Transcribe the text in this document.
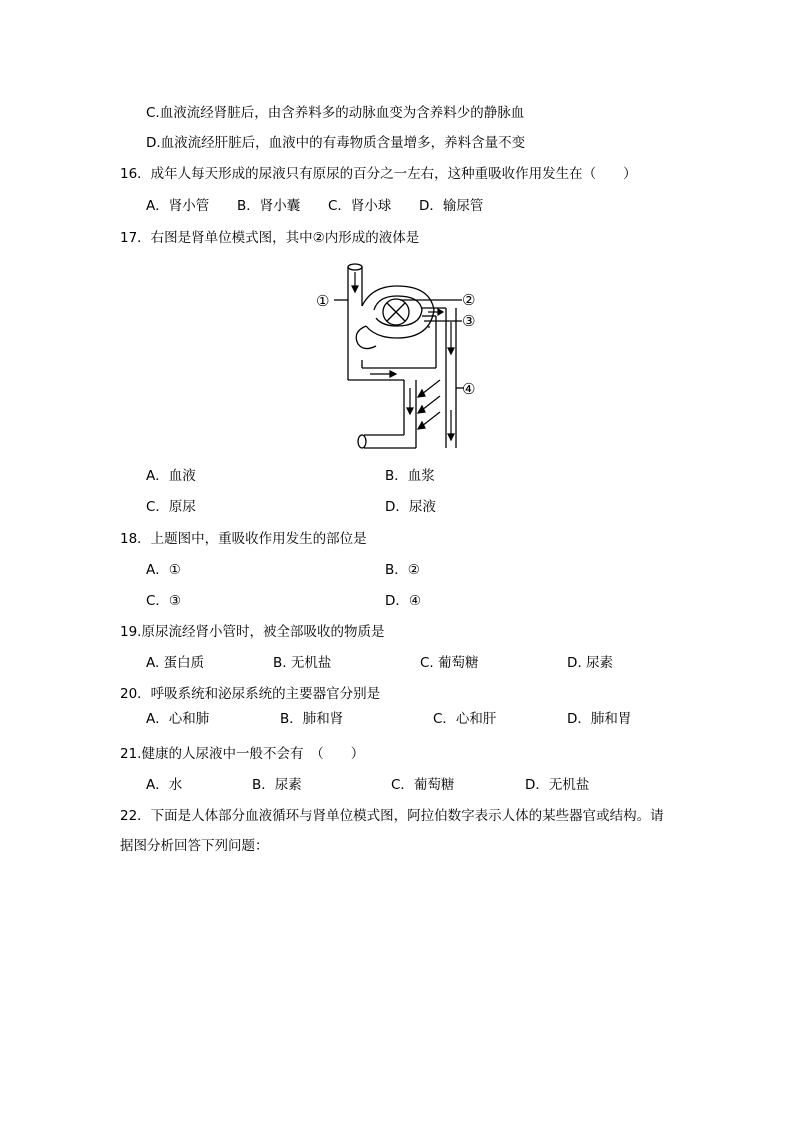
C.血液流经肾脏后，由含养料多的动脉血变为含养料少的静脉血
D.血液流经肝脏后，血液中的有毒物质含量增多，养料含量不变
16．成年人每天形成的尿液只有原尿的百分之一左右，这种重吸收作用发生在（　　）
A．肾小管 B．肾小囊 C．肾小球 D．输尿管
17．右图是肾单位模式图，其中②内形成的液体是
①	②
③
④
A．血液	B．血浆
C．原尿	D．尿液
18．上题图中，重吸收作用发生的部位是
A．①	B．②
C．③	D．④
19.原尿流经肾小管时，被全部吸收的物质是
A. 蛋白质	B. 无机盐	C. 葡萄糖	D. 尿素
20．呼吸系统和泌尿系统的主要器官分别是
A．心和肺	B．肺和肾	C．心和肝	D．肺和胃
21.健康的人尿液中一般不会有　（　　）
A．水	B．尿素	C．葡萄糖	D．无机盐
22．下面是人体部分血液循环与肾单位模式图，阿拉伯数字表示人体的某些器官或结构。请
据图分析回答下列问题：
